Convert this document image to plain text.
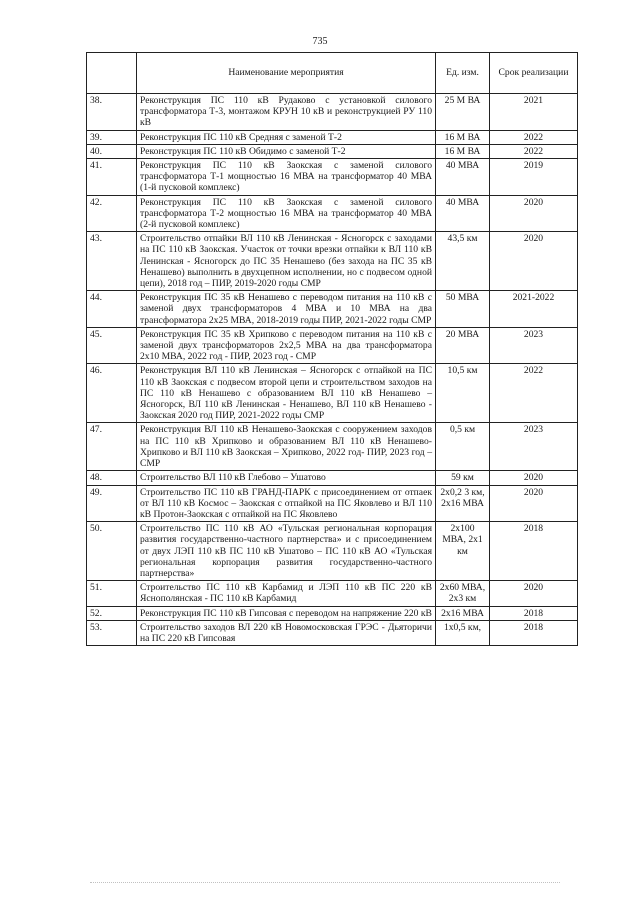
735
	Наименование мероприятия	Ед. изм.	Срок реализации
38.	Реконструкция ПС 110 кВ Рудаково с установкой силового трансформатора Т-3, монтажом КРУН 10 кВ и реконструкцией РУ 110 кВ	25 М ВА	2021
39.	Реконструкция ПС 110 кВ Средняя с заменой Т-2	16 М ВА	2022
40.	Реконструкция ПС 110 кВ Обидимо с заменой Т-2	16 М ВА	2022
41.	Реконструкция ПС 110 кВ Заокская с заменой силового трансформатора Т-1 мощностью 16 МВА на трансформатор 40 МВА (1-й пусковой комплекс)	40 МВА	2019
42.	Реконструкция ПС 110 кВ Заокская с заменой силового трансформатора Т-2 мощностью 16 МВА на трансформатор 40 МВА (2-й пусковой комплекс)	40 МВА	2020
43.	Строительство отпайки ВЛ 110 кВ Ленинская - Ясногорск с заходами на ПС 110 кВ Заокская. Участок от точки врезки отпайки к ВЛ 110 кВ Ленинская - Ясногорск до ПС 35 Ненашево (без захода на ПС 35 кВ Ненашево) выполнить в двухцепном исполнении, но с подвесом одной цепи), 2018 год – ПИР, 2019-2020 годы СМР	43,5 км	2020
44.	Реконструкция ПС 35 кВ Ненашево с переводом питания на 110 кВ с заменой двух трансформаторов 4 МВА и 10 МВА на два трансформатора 2х25 МВА, 2018-2019 годы ПИР, 2021-2022 годы СМР	50 МВА	2021-2022
45.	Реконструкция ПС 35 кВ Хрипково с переводом питания на 110 кВ с заменой двух трансформаторов 2х2,5 МВА на два трансформатора 2х10 МВА, 2022 год - ПИР, 2023 год - СМР	20 МВА	2023
46.	Реконструкция ВЛ 110 кВ Ленинская – Ясногорск с отпайкой на ПС 110 кВ Заокская с подвесом второй цепи и строительством заходов на ПС 110 кВ Ненашево с образованием ВЛ 110 кВ Ненашево – Ясногорск, ВЛ 110 кВ Ленинская - Ненашево, ВЛ 110 кВ Ненашево - Заокская 2020 год ПИР, 2021-2022 годы СМР	10,5 км	2022
47.	Реконструкция ВЛ 110 кВ Ненашево-Заокская с сооружением заходов на ПС 110 кВ Хрипково и образованием ВЛ 110 кВ Ненашево-Хрипково и ВЛ 110 кВ Заокская – Хрипково, 2022 год- ПИР, 2023 год – СМР	0,5 км	2023
48.	Строительство ВЛ 110 кВ Глебово – Ушатово	59 км	2020
49.	Строительство ПС 110 кВ ГРАНД-ПАРК с присоединением от отпаек от ВЛ 110 кВ Космос – Заокская с отпайкой на ПС Яковлево и ВЛ 110 кВ Протон-Заокская с отпайкой на ПС Яковлево	2х0,2 3 км, 2х16 МВА	2020
50.	Строительство ПС 110 кВ АО «Тульская региональная корпорация развития государственно-частного партнерства» и с присоединением от двух ЛЭП 110 кВ ПС 110 кВ Ушатово – ПС 110 кВ АО «Тульская региональная корпорация развития государственно-частного партнерства»	2х100 МВА, 2х1 км	2018
51.	Строительство ПС 110 кВ Карбамид и ЛЭП 110 кВ ПС 220 кВ Яснополянская - ПС 110 кВ Карбамид	2х60 МВА, 2х3 км	2020
52.	Реконструкция ПС 110 кВ Гипсовая с переводом на напряжение 220 кВ	2х16 МВА	2018
53.	Строительство заходов ВЛ 220 кВ Новомосковская ГРЭС - Дьяторичи на ПС 220 кВ Гипсовая	1х0,5 км,	2018
